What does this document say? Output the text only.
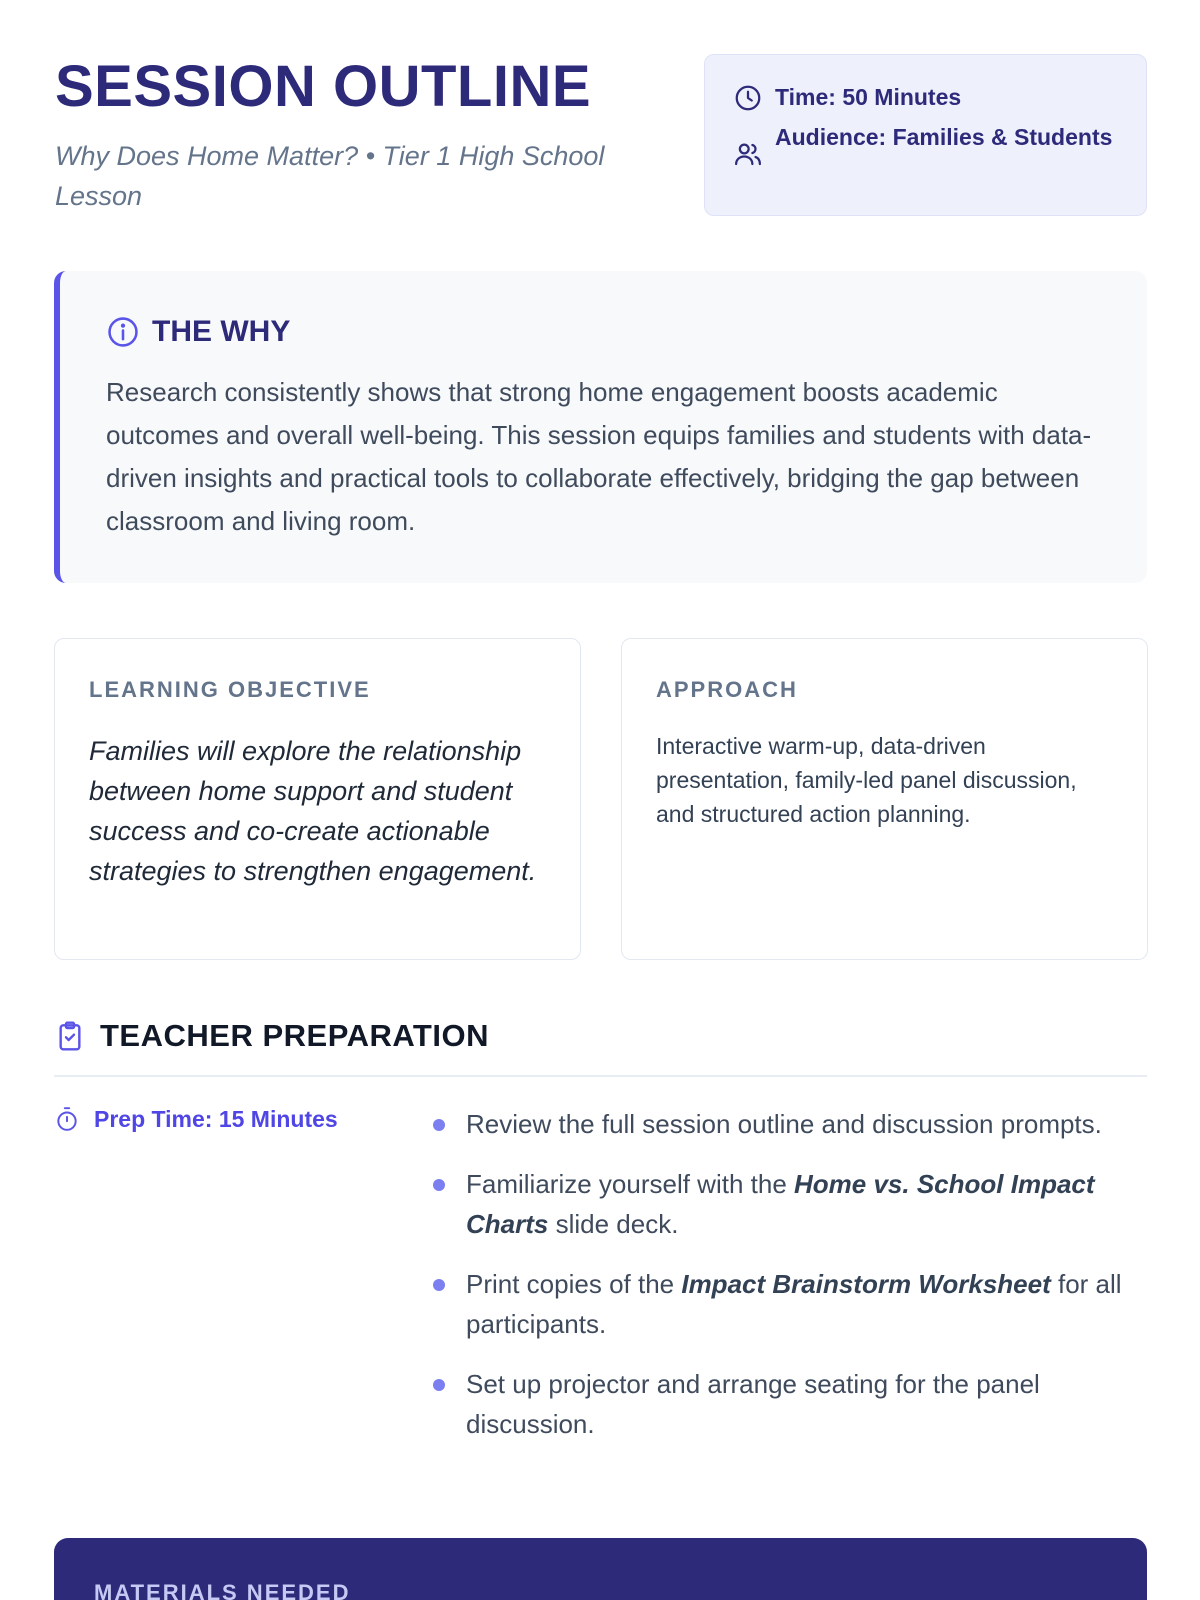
SESSION OUTLINE
Why Does Home Matter? • Tier 1 High School Lesson
Time: 50 Minutes
Audience: Families & Students
THE WHY
Research consistently shows that strong home engagement boosts academic outcomes and overall well-being. This session equips families and students with data-driven insights and practical tools to collaborate effectively, bridging the gap between classroom and living room.
LEARNING OBJECTIVE
Families will explore the relationship between home support and student success and co-create actionable strategies to strengthen engagement.
APPROACH
Interactive warm-up, data-driven presentation, family-led panel discussion, and structured action planning.
TEACHER PREPARATION
Prep Time: 15 Minutes	Review the full session outline and discussion prompts.
Familiarize yourself with the Home vs. School Impact Charts slide deck.
Print copies of the Impact Brainstorm Worksheet for all participants.
Set up projector and arrange seating for the panel discussion.
MATERIALS NEEDED
